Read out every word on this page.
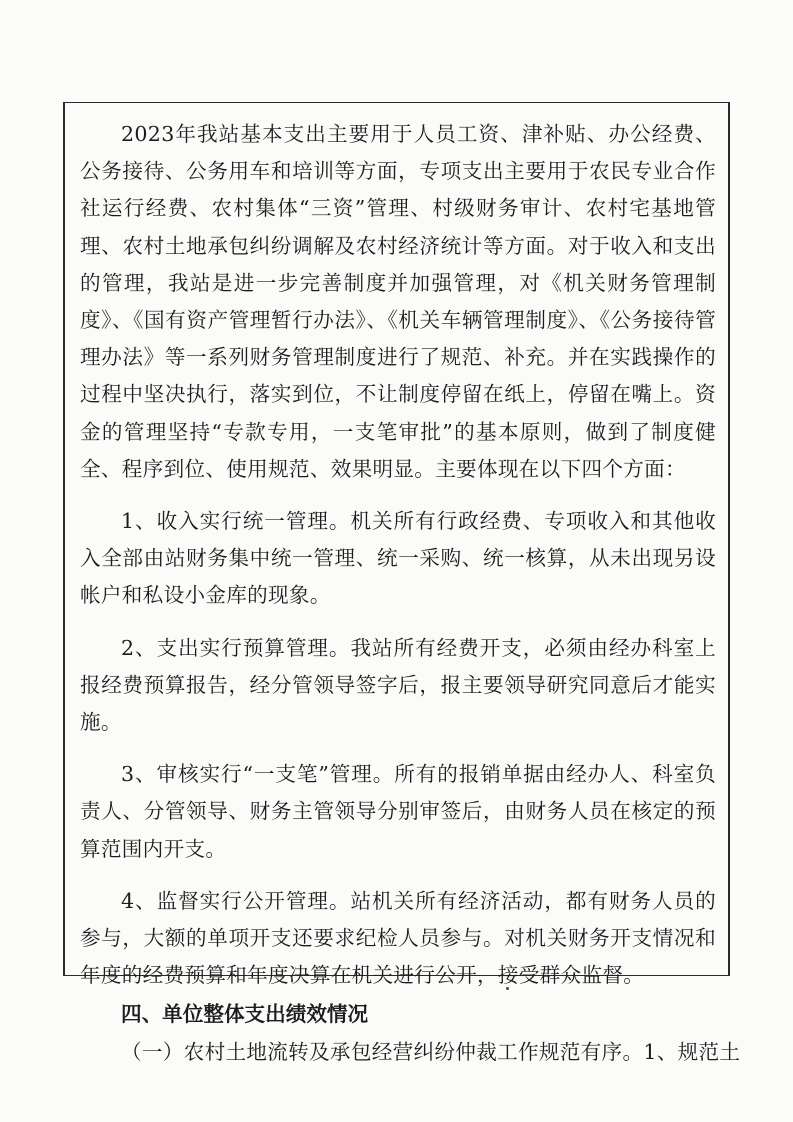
2023年我站基本支出主要用于人员工资、津补贴、办公经费、公务接待、公务用车和培训等方面，专项支出主要用于农民专业合作社运行经费、农村集体“三资”管理、村级财务审计、农村宅基地管理、农村土地承包纠纷调解及农村经济统计等方面。对于收入和支出的管理，我站是进一步完善制度并加强管理，对《机关财务管理制度》、《国有资产管理暂行办法》、《机关车辆管理制度》、《公务接待管理办法》等一系列财务管理制度进行了规范、补充。并在实践操作的过程中坚决执行，落实到位，不让制度停留在纸上，停留在嘴上。资金的管理坚持“专款专用，一支笔审批”的基本原则，做到了制度健全、程序到位、使用规范、效果明显。主要体现在以下四个方面：

1、收入实行统一管理。机关所有行政经费、专项收入和其他收入全部由站财务集中统一管理、统一采购、统一核算，从未出现另设帐户和私设小金库的现象。

2、支出实行预算管理。我站所有经费开支，必须由经办科室上报经费预算报告，经分管领导签字后，报主要领导研究同意后才能实施。

3、审核实行“一支笔”管理。所有的报销单据由经办人、科室负责人、分管领导、财务主管领导分别审签后，由财务人员在核定的预算范围内开支。

4、监督实行公开管理。站机关所有经济活动，都有财务人员的参与，大额的单项开支还要求纪检人员参与。对机关财务开支情况和年度的经费预算和年度决算在机关进行公开，接受群众监督。

四、单位整体支出绩效情况

（一）农村土地流转及承包经营纠纷仲裁工作规范有序。1、规范土
